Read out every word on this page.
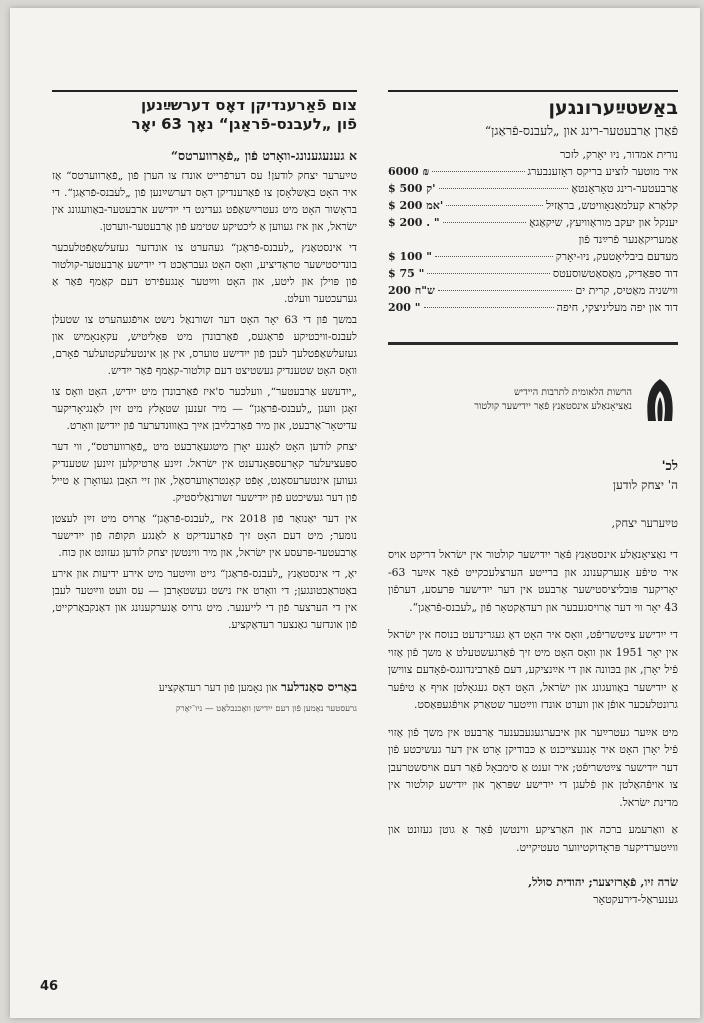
צום פֿאַרענדיקן דאָס דערשײַנען
פֿון „לעבנס-פֿראַגן“ נאָך 63 יאָר
א גענעגענונג-וואָרט פֿון „פֿאַרווערטס“

טײַערער יצחק לודען! עס דערפֿרייט אונדז צו הערן פֿון „פֿאַרווערטס“ אַז איר האָט באַשלאָסן צו פֿאַרענדיקן דאָס דערשײַנען פֿון „לעבנס-פֿראַגן“. די בראָשור האָט מיט געטרײַשאַפֿט געדינט די ייִדישע ארבעטער-באַוועגונג אין ישׂראל, און איז געווען אַ ליכטיקע שטימע פֿון אַרבעטער-ווערטן.

די אינסטאַנץ „לעבנס-פֿראַגן“ געהערט צו אונדזער געזעלשאַפֿטלעכער בונדיסטישער טראַדיציע, וואָס האָט געבראַכט די ייִדישע אַרבעטער-קולטור פֿון פּוילן און ליטע, און האָט ווײַטער אָנגעפֿירט דעם קאַמף פֿאַר אַ גערעכטער וועלט.

במשך פֿון די 63 יאָר האָט דער זשורנאַל נישט אויפֿגעהערט צו שטעלן לעבנס-וויכטיקע פֿראַגעס, פֿאַרבונדן מיט פּאָליטיש, עקאָנאָמיש און געזעלשאַפֿטלעך לעבן פֿון ייִדישע טוערס, אין אַן אינטעלעקטועלער פֿאָרם, וואָס האָט שטענדיק געשטיצט דעם קולטור-קאַמף פֿאַר ייִדיש.

„ייִדעשע אַרבעטער“, וועלכער ס'איז פֿאַרבונדן מיט ייִדיש, האָט וואָס צו זאָגן וועגן „לעבנס-פֿראַגן“ — מיר זענען שטאָלץ מיט זײַן לאַנגיאָריקער עדיטאָר־אַרבעט, און מיר פֿאַרבלײַבן אײַך באַוווּנדערער פֿון ייִדישן וואָרט.

יצחק לודען האָט לאַנגע יאָרן מיטגעאַרבעט מיט „פֿאַרווערטס“, ווי דער ספּעציעלער קאָרעספּאָנדענט אין ישׂראל. זײַנע אַרטיקלען זײַנען שטענדיק געווען אינטערעסאַנט, אָפֿט קאָנטראָווערסאַל, און זיי האָבן געוואָרן אַ טייל פֿון דער געשיכטע פֿון ייִדישער זשורנאַליסטיק.

אין דער יאַנואַר פֿון 2018 איז „לעבנס-פֿראַגן“ אַרויס מיט זײַן לעצטן נומער; מיט דעם האָט זיך פֿאַרענדיקט אַ לאַנגע תּקופֿה פֿון ייִדישער אַרבעטער-פּרעסע אין ישׂראל, און מיר ווינטשן יצחק לודען געזונט און כּוח.

יאָ, די אינסטאַנץ „לעבנס-פֿראַגן“ גייט ווײַטער מיט אירע ידיעות און אירע באַטראַכטונגען; די וואָרט איז נישט געשטאָרבן — עס וועט ווײַטער לעבן אין די הערצער פֿון די לייענער. מיט גרויס אַנערקענונג און דאַנקבאַרקייט, פֿון אונדזער גאַנצער רעדאַקציע.

באַריס סאַנדלער און נאָמען פֿון דער רעדאַקציע
גרעסטער נאָמען פֿון דעם ייִדישן וואָכנבלאַט — ניו־יאָרק
באַשטײַערונגען
פֿאַרן אַרבעטער-רינג און „לעבנס-פֿראַגן“
נורית אמדור, ניו יאָרק, לזכר
איר מוטער לוציע בריקס ראָזענבערג
6000 ₪
אַרבעטער-רינג טאָראָנטאָ
$ 500 ק'
קלאַרא קעלמאַנאָוויטש, בראַזיל
$ 200 אמ'
יענקל און יעקב מוראַוויעץ, שיקאַגאָ
$ 200 . "
אַמעריקאַנער פֿרײַנד פֿון
מעדעם ביבליאָטעק, ניו-יאָרק
$ 100 "
דוד ספּאַדיק, מאַסאַטשוסעטס
$ 75 "
ווישניה מאַטיס, קרית ים
200 ש"ח
דוד און יפה מעליניצקי, חיפה
200 "
הרשות הלאומית לתרבות היידיש
נאַציאָנאַלע אינסטאַנץ פֿאַר ייִדישער קולטור
לכ'
ה' יצחק לודען
טײַערער יצחק,

די נאַציאָנאַלע אינסטאַנץ פֿאַר ייִדישער קולטור אין ישׂראל דריקט אויס איר טיפֿע אָנערקענונג און ברייטע הערצלעכקייט פֿאַר אײַער 63-יאָריקער פּובליציסטישער אַרבעט אין דער ייִדישער פּרעסע, דערפֿון 43 יאָר ווי דער אַרויסגעבער און רעדאַקטאָר פֿון „לעבנס-פֿראַגן“.

די ייִדישע צײַטשריפֿט, וואָס איר האָט דאָ געגרינדעט בנוסח אין ישׂראל אין יאָר 1951 און וואָס האָט מיט זיך פֿאַרגעשטעלט אַ משך פֿון אַזוי פֿיל יאָרן, און בכּוונה און די אײַנציקע, דעם פֿאַרבינדונגס-פֿאָדעם צווישן אַ ייִדישער באַוועגונג און ישׂראל, האָט דאָס געגאָלטן אויף אַ טיפֿער גרונטלעכער אופֿן און ווערט אונדז ווײַטער שטאַרק אויפֿגעפּאַסט.

מיט אײַער געטרײַער און איבערגעגעבענער אַרבעט אין משך פֿון אַזוי פֿיל יאָרן האָט איר אָנגעצייכנט אַ כּבודיקן אָרט אין דער געשיכטע פֿון דער ייִדישער צײַטשריפֿט; איר זענט אַ סימבאָל פֿאַר דעם אויסשטרעבן צו אויפֿהאַלטן און פֿלעגן די ייִדישע שפּראַך און ייִדישע קולטור אין מדינת ישׂראל.

אַ וואַרעמע ברכה און האַרציקע ווינטשן פֿאַר אַ גוטן געזונט און ווײַטערדיקער פּראָדוקטיווער טעטיקייט.

שׂרה זיו, פֿאָרזיצער; יהודית סולל,
גענעראַל-דירעקטאָר
46
